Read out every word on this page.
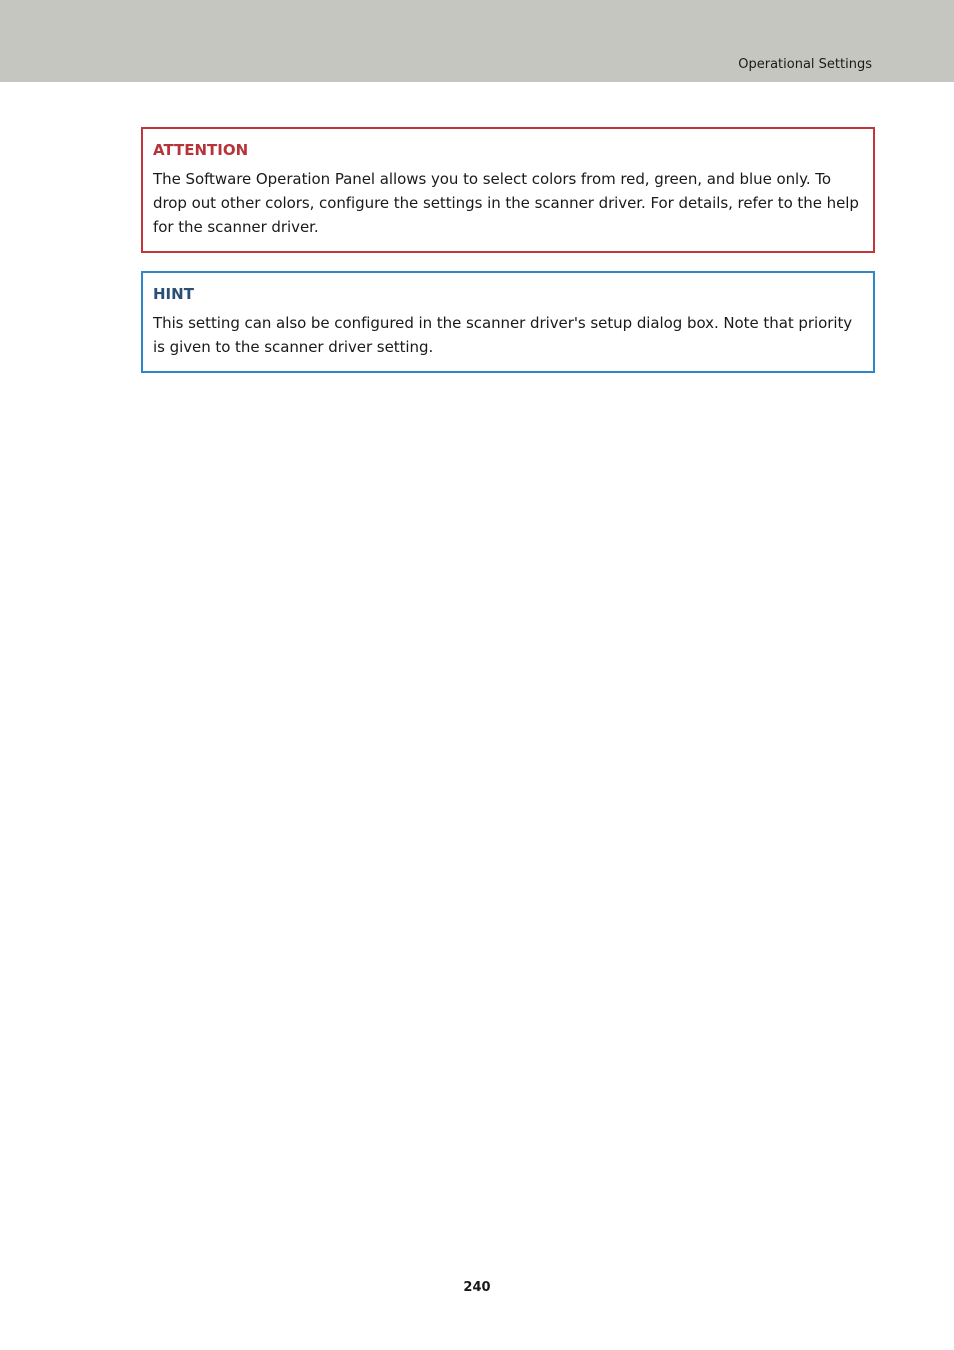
Operational Settings

ATTENTION

The Software Operation Panel allows you to select colors from red, green, and blue only. To drop out other colors, configure the settings in the scanner driver. For details, refer to the help for the scanner driver.

HINT

This setting can also be configured in the scanner driver's setup dialog box. Note that priority is given to the scanner driver setting.

240
